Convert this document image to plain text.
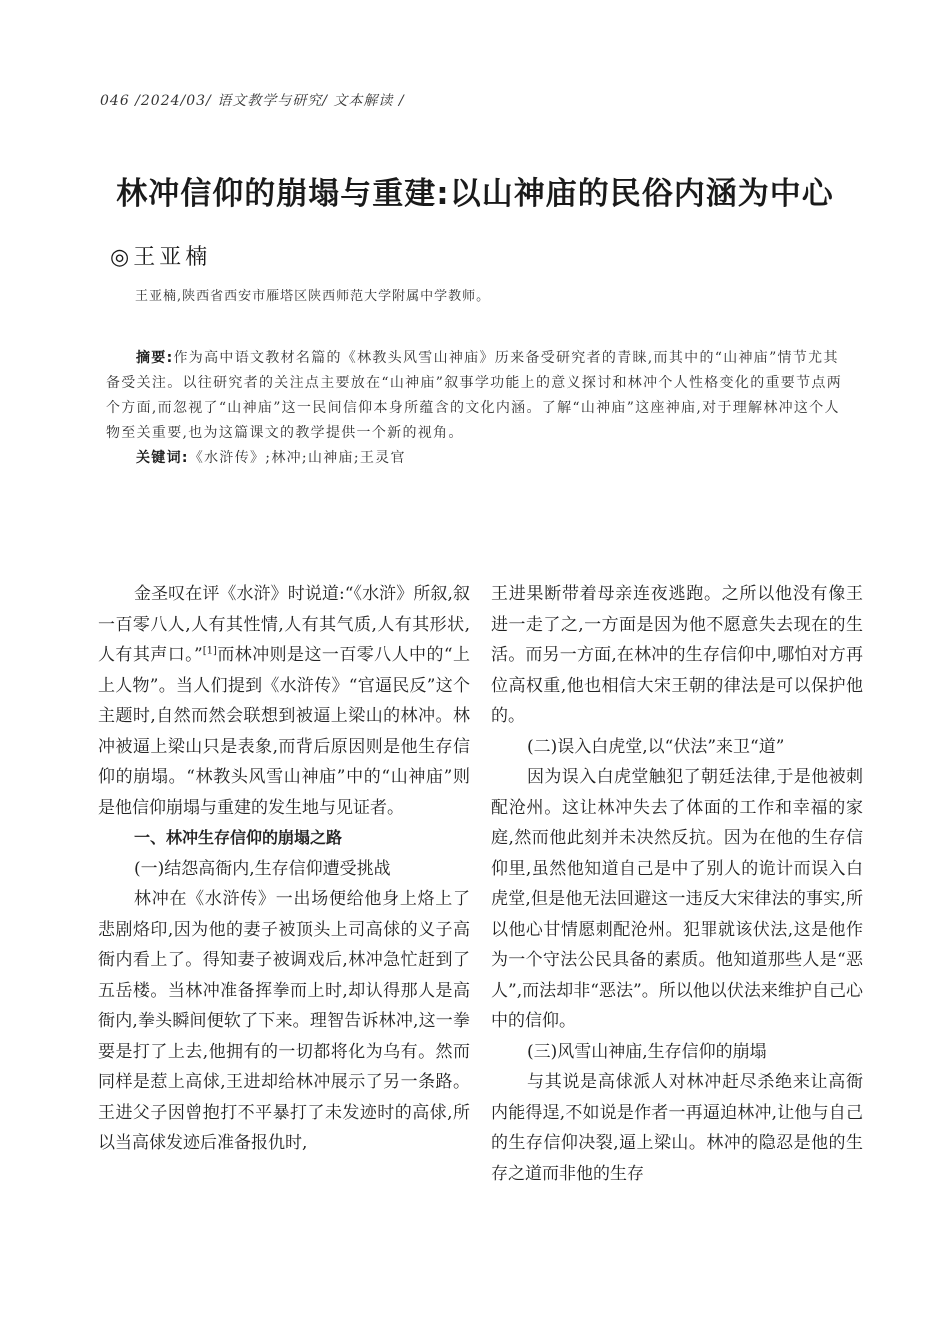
046 /2024/03/ 语文教学与研究/ 文本解读 /
林冲信仰的崩塌与重建:以山神庙的民俗内涵为中心
◎王亚楠
王亚楠,陕西省西安市雁塔区陕西师范大学附属中学教师。

摘要:作为高中语文教材名篇的《林教头风雪山神庙》历来备受研究者的青睐,而其中的“山神庙”情节尤其备受关注。以往研究者的关注点主要放在“山神庙”叙事学功能上的意义探讨和林冲个人性格变化的重要节点两个方面,而忽视了“山神庙”这一民间信仰本身所蕴含的文化内涵。了解“山神庙”这座神庙,对于理解林冲这个人物至关重要,也为这篇课文的教学提供一个新的视角。

关键词:《水浒传》;林冲;山神庙;王灵官

金圣叹在评《水浒》时说道:“《水浒》所叙,叙一百零八人,人有其性情,人有其气质,人有其形状,人有其声口。”[1]而林冲则是这一百零八人中的“上上人物”。当人们提到《水浒传》“官逼民反”这个主题时,自然而然会联想到被逼上梁山的林冲。林冲被逼上梁山只是表象,而背后原因则是他生存信仰的崩塌。“林教头风雪山神庙”中的“山神庙”则是他信仰崩塌与重建的发生地与见证者。

一、林冲生存信仰的崩塌之路

(一)结怨高衙内,生存信仰遭受挑战

林冲在《水浒传》一出场便给他身上烙上了悲剧烙印,因为他的妻子被顶头上司高俅的义子高衙内看上了。得知妻子被调戏后,林冲急忙赶到了五岳楼。当林冲准备挥拳而上时,却认得那人是高衙内,拳头瞬间便软了下来。理智告诉林冲,这一拳要是打了上去,他拥有的一切都将化为乌有。然而同样是惹上高俅,王进却给林冲展示了另一条路。王进父子因曾抱打不平暴打了未发迹时的高俅,所以当高俅发迹后准备报仇时,

王进果断带着母亲连夜逃跑。之所以他没有像王进一走了之,一方面是因为他不愿意失去现在的生活。而另一方面,在林冲的生存信仰中,哪怕对方再位高权重,他也相信大宋王朝的律法是可以保护他的。

(二)误入白虎堂,以“伏法”来卫“道”

因为误入白虎堂触犯了朝廷法律,于是他被刺配沧州。这让林冲失去了体面的工作和幸福的家庭,然而他此刻并未决然反抗。因为在他的生存信仰里,虽然他知道自己是中了别人的诡计而误入白虎堂,但是他无法回避这一违反大宋律法的事实,所以他心甘情愿刺配沧州。犯罪就该伏法,这是他作为一个守法公民具备的素质。他知道那些人是“恶人”,而法却非“恶法”。所以他以伏法来维护自己心中的信仰。

(三)风雪山神庙,生存信仰的崩塌

与其说是高俅派人对林冲赶尽杀绝来让高衙内能得逞,不如说是作者一再逼迫林冲,让他与自己的生存信仰决裂,逼上梁山。林冲的隐忍是他的生存之道而非他的生存
